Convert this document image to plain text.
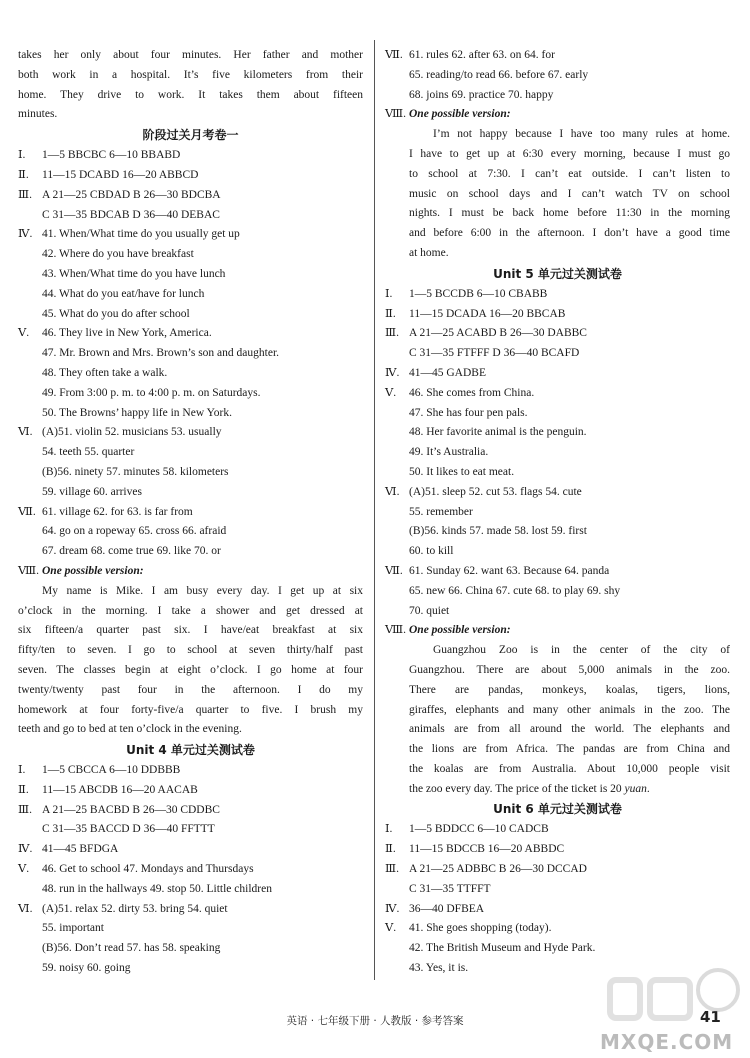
takes her only about four minutes. Her father and mother
both work in a hospital. It’s five kilometers from their
home. They drive to work. It takes them about fifteen
minutes.
阶段过关月考卷一
Ⅰ. 1—5 BBCBC 6—10 BBABD
Ⅱ. 11—15 DCABD 16—20 ABBCD
Ⅲ. A 21—25 CBDAD B 26—30 BDCBA
C 31—35 BDCAB D 36—40 DEBAC
Ⅳ. 41. When/What time do you usually get up
42. Where do you have breakfast
43. When/What time do you have lunch
44. What do you eat/have for lunch
45. What do you do after school
Ⅴ. 46. They live in New York, America.
47. Mr. Brown and Mrs. Brown’s son and daughter.
48. They often take a walk.
49. From 3:00 p. m. to 4:00 p. m. on Saturdays.
50. The Browns’ happy life in New York.
Ⅵ. (A)51. violin 52. musicians 53. usually
54. teeth 55. quarter
(B)56. ninety 57. minutes 58. kilometers
59. village 60. arrives
Ⅶ. 61. village 62. for 63. is far from
64. go on a ropeway 65. cross 66. afraid
67. dream 68. come true 69. like 70. or
Ⅷ. One possible version:
My name is Mike. I am busy every day. I get up at six
o’clock in the morning. I take a shower and get dressed at
six fifteen/a quarter past six. I have/eat breakfast at six
fifty/ten to seven. I go to school at seven thirty/half past
seven. The classes begin at eight o’clock. I go home at four
twenty/twenty past four in the afternoon. I do my
homework at four forty-five/a quarter to five. I brush my
teeth and go to bed at ten o’clock in the evening.
Unit 4 单元过关测试卷
Ⅰ. 1—5 CBCCA 6—10 DDBBB
Ⅱ. 11—15 ABCDB 16—20 AACAB
Ⅲ. A 21—25 BACBD B 26—30 CDDBC
C 31—35 BACCD D 36—40 FFTTT
Ⅳ. 41—45 BFDGA
Ⅴ. 46. Get to school 47. Mondays and Thursdays
48. run in the hallways 49. stop 50. Little children
Ⅵ. (A)51. relax 52. dirty 53. bring 54. quiet
55. important
(B)56. Don’t read 57. has 58. speaking
59. noisy 60. going
Ⅶ. 61. rules 62. after 63. on 64. for
65. reading/to read 66. before 67. early
68. joins 69. practice 70. happy
Ⅷ. One possible version:
I’m not happy because I have too many rules at home.
I have to get up at 6:30 every morning, because I must go
to school at 7:30. I can’t eat outside. I can’t listen to
music on school days and I can’t watch TV on school
nights. I must be back home before 11:30 in the morning
and before 6:00 in the afternoon. I don’t have a good time
at home.
Unit 5 单元过关测试卷
Ⅰ. 1—5 BCCDB 6—10 CBABB
Ⅱ. 11—15 DCADA 16—20 BBCAB
Ⅲ. A 21—25 ACABD B 26—30 DABBC
C 31—35 FTFFF D 36—40 BCAFD
Ⅳ. 41—45 GADBE
Ⅴ. 46. She comes from China.
47. She has four pen pals.
48. Her favorite animal is the penguin.
49. It’s Australia.
50. It likes to eat meat.
Ⅵ. (A)51. sleep 52. cut 53. flags 54. cute
55. remember
(B)56. kinds 57. made 58. lost 59. first
60. to kill
Ⅶ. 61. Sunday 62. want 63. Because 64. panda
65. new 66. China 67. cute 68. to play 69. shy
70. quiet
Ⅷ. One possible version:
Guangzhou Zoo is in the center of the city of
Guangzhou. There are about 5,000 animals in the zoo.
There are pandas, monkeys, koalas, tigers, lions,
giraffes, elephants and many other animals in the zoo. The
animals are from all around the world. The elephants and
the lions are from Africa. The pandas are from China and
the koalas are from Australia. About 10,000 people visit
the zoo every day. The price of the ticket is 20 yuan.
Unit 6 单元过关测试卷
Ⅰ. 1—5 BDDCC 6—10 CADCB
Ⅱ. 11—15 BDCCB 16—20 ABBDC
Ⅲ. A 21—25 ADBBC B 26—30 DCCAD
C 31—35 TTFFT
Ⅳ. 36—40 DFBEA
Ⅴ. 41. She goes shopping (today).
42. The British Museum and Hyde Park.
43. Yes, it is.
英语 · 七年级下册 · 人教版 · 参考答案	41
MXQE.COM
